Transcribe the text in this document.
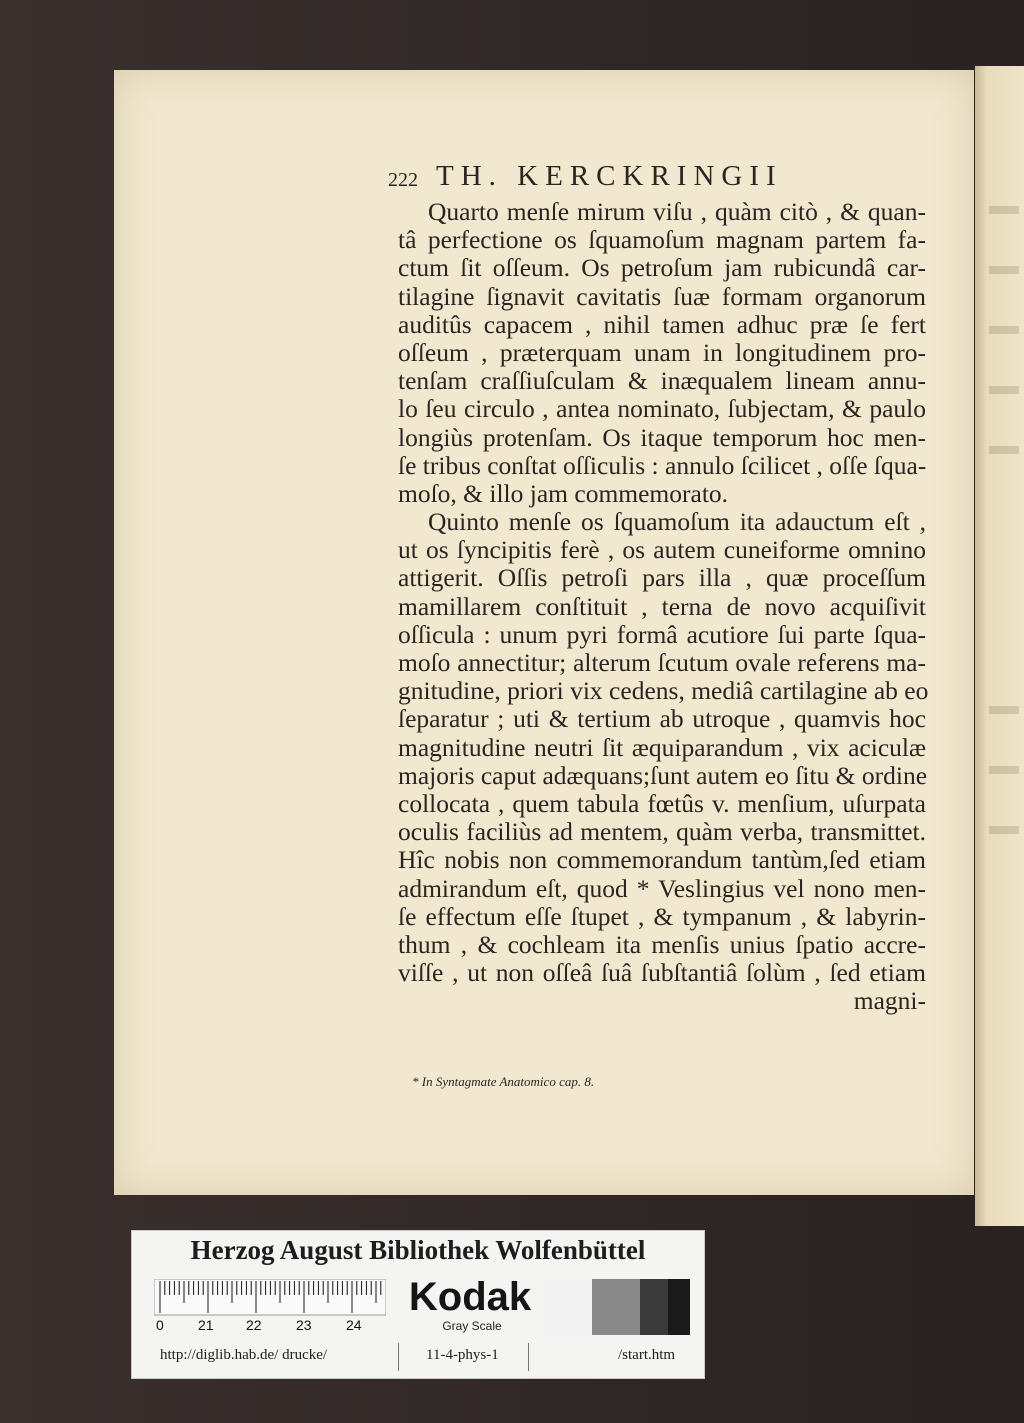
222 TH. KERCKRINGII
Quarto menſe mirum viſu , quàm citò , & quan-
tâ perfectione os ſquamoſum magnam partem fa-
ctum ſit oſſeum. Os petroſum jam rubicundâ car-
tilagine ſignavit cavitatis ſuæ formam organorum
auditûs capacem , nihil tamen adhuc præ ſe fert
oſſeum , præterquam unam in longitudinem pro-
tenſam craſſiuſculam & inæqualem lineam annu-
lo ſeu circulo , antea nominato, ſubjectam, & paulo
longiùs protenſam. Os itaque temporum hoc men-
ſe tribus conſtat oſſiculis : annulo ſcilicet , oſſe ſqua-
moſo, & illo jam commemorato.
Quinto menſe os ſquamoſum ita adauctum eſt ,
ut os ſyncipitis ferè , os autem cuneiforme omnino
attigerit. Oſſis petroſi pars illa , quæ proceſſum
mamillarem conſtituit , terna de novo acquiſivit
oſſicula : unum pyri formâ acutiore ſui parte ſqua-
moſo annectitur; alterum ſcutum ovale referens ma-
gnitudine, priori vix cedens, mediâ cartilagine ab eo
ſeparatur ; uti & tertium ab utroque , quamvis hoc
magnitudine neutri ſit æquiparandum , vix aciculæ
majoris caput adæquans;ſunt autem eo ſitu & ordine
collocata , quem tabula fœtûs v. menſium, uſurpata
oculis faciliùs ad mentem, quàm verba, transmittet.
Hîc nobis non commemorandum tantùm,ſed etiam
admirandum eſt, quod * Veslingius vel nono men-
ſe effectum eſſe ſtupet , & tympanum , & labyrin-
thum , & cochleam ita menſis unius ſpatio accre-
viſſe , ut non oſſeâ ſuâ ſubſtantiâ ſolùm , ſed etiam
magni-
* In Syntagmate Anatomico cap. 8.
Herzog August Bibliothek Wolfenbüttel
0 21 22 23 24
Kodak
Gray Scale
http://diglib.hab.de/ drucke/	11-4-phys-1	/start.htm
